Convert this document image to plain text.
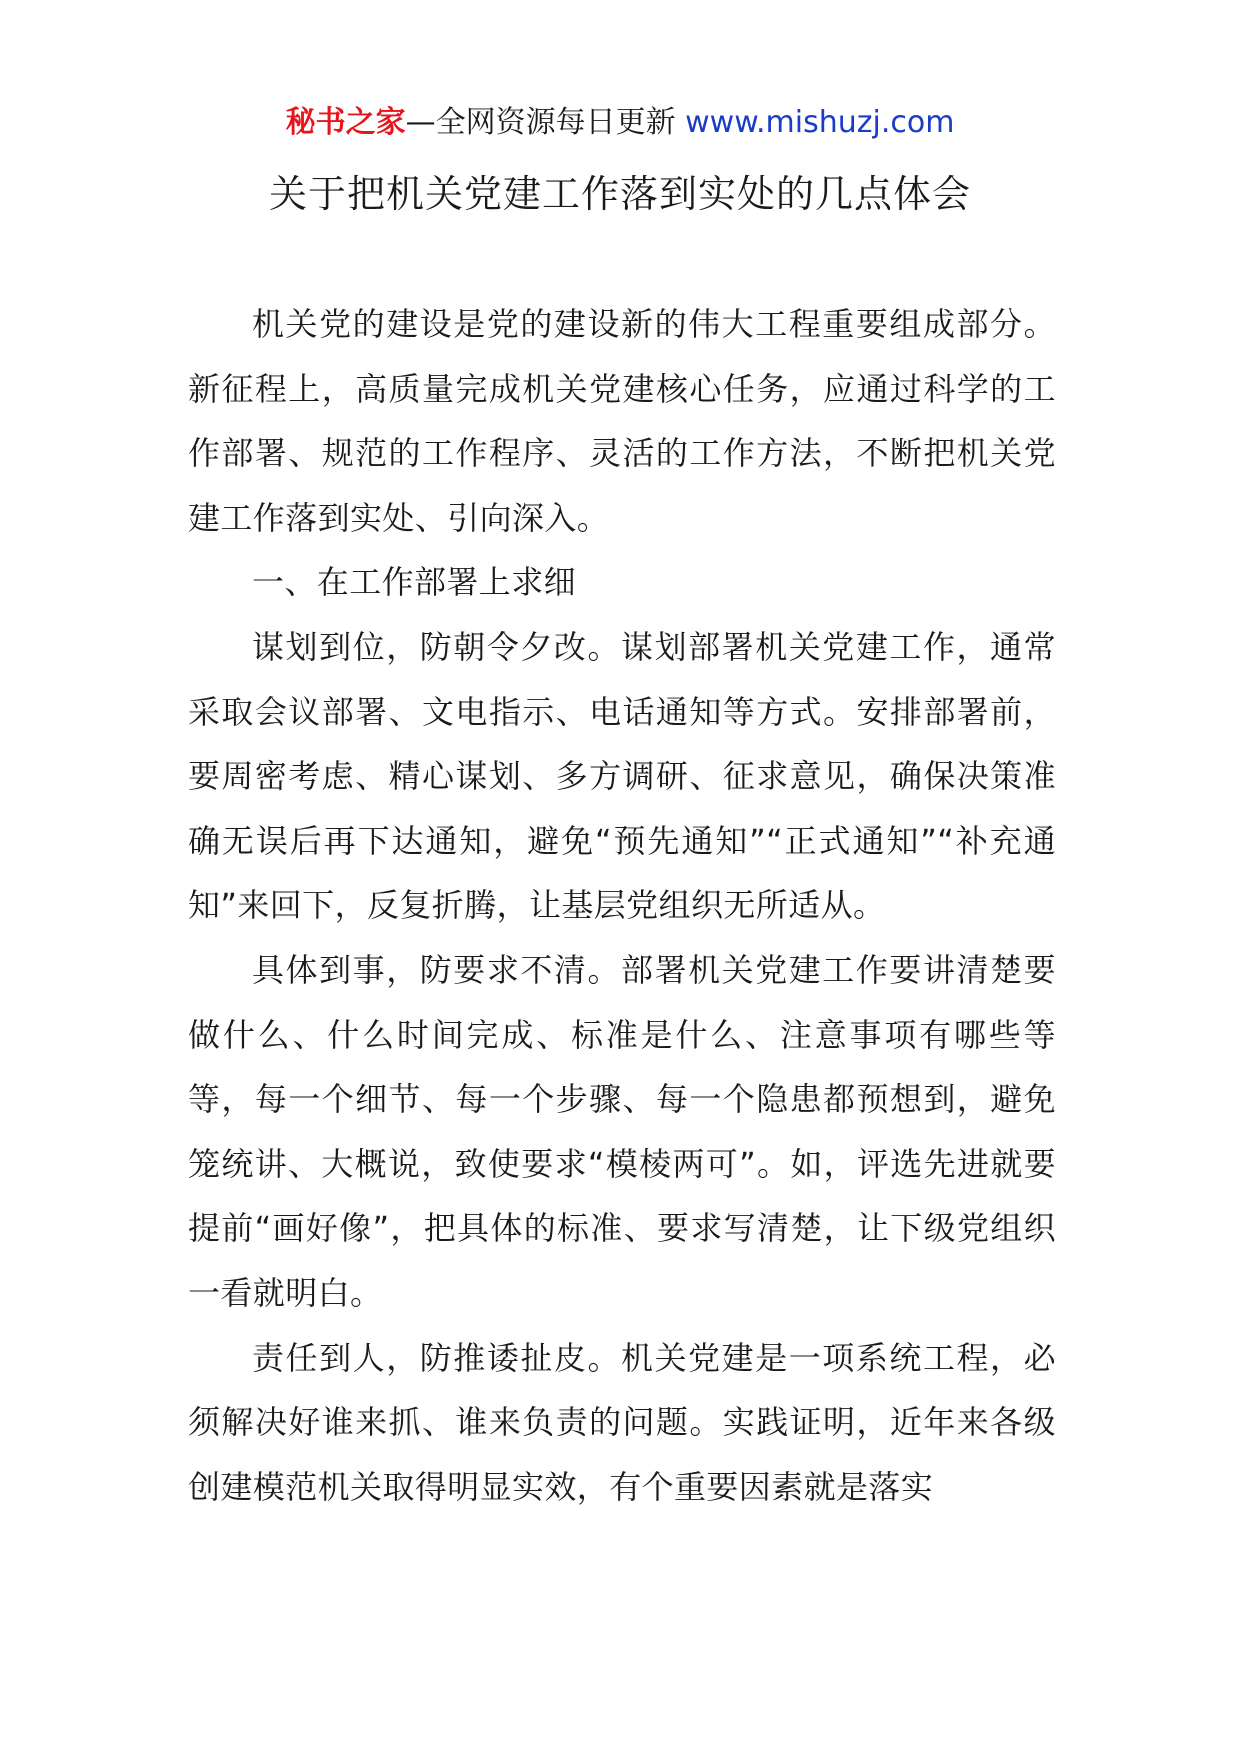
秘书之家—全网资源每日更新 www.mishuzj.com
关于把机关党建工作落到实处的几点体会

机关党的建设是党的建设新的伟大工程重要组成部分。新征程上，高质量完成机关党建核心任务，应通过科学的工作部署、规范的工作程序、灵活的工作方法，不断把机关党建工作落到实处、引向深入。

一、在工作部署上求细

谋划到位，防朝令夕改。谋划部署机关党建工作，通常采取会议部署、文电指示、电话通知等方式。安排部署前，要周密考虑、精心谋划、多方调研、征求意见，确保决策准确无误后再下达通知，避免“预先通知”“正式通知”“补充通知”来回下，反复折腾，让基层党组织无所适从。

具体到事，防要求不清。部署机关党建工作要讲清楚要做什么、什么时间完成、标准是什么、注意事项有哪些等等，每一个细节、每一个步骤、每一个隐患都预想到，避免笼统讲、大概说，致使要求“模棱两可”。如，评选先进就要提前“画好像”，把具体的标准、要求写清楚，让下级党组织一看就明白。

责任到人，防推诿扯皮。机关党建是一项系统工程，必须解决好谁来抓、谁来负责的问题。实践证明，近年来各级创建模范机关取得明显实效，有个重要因素就是落实
